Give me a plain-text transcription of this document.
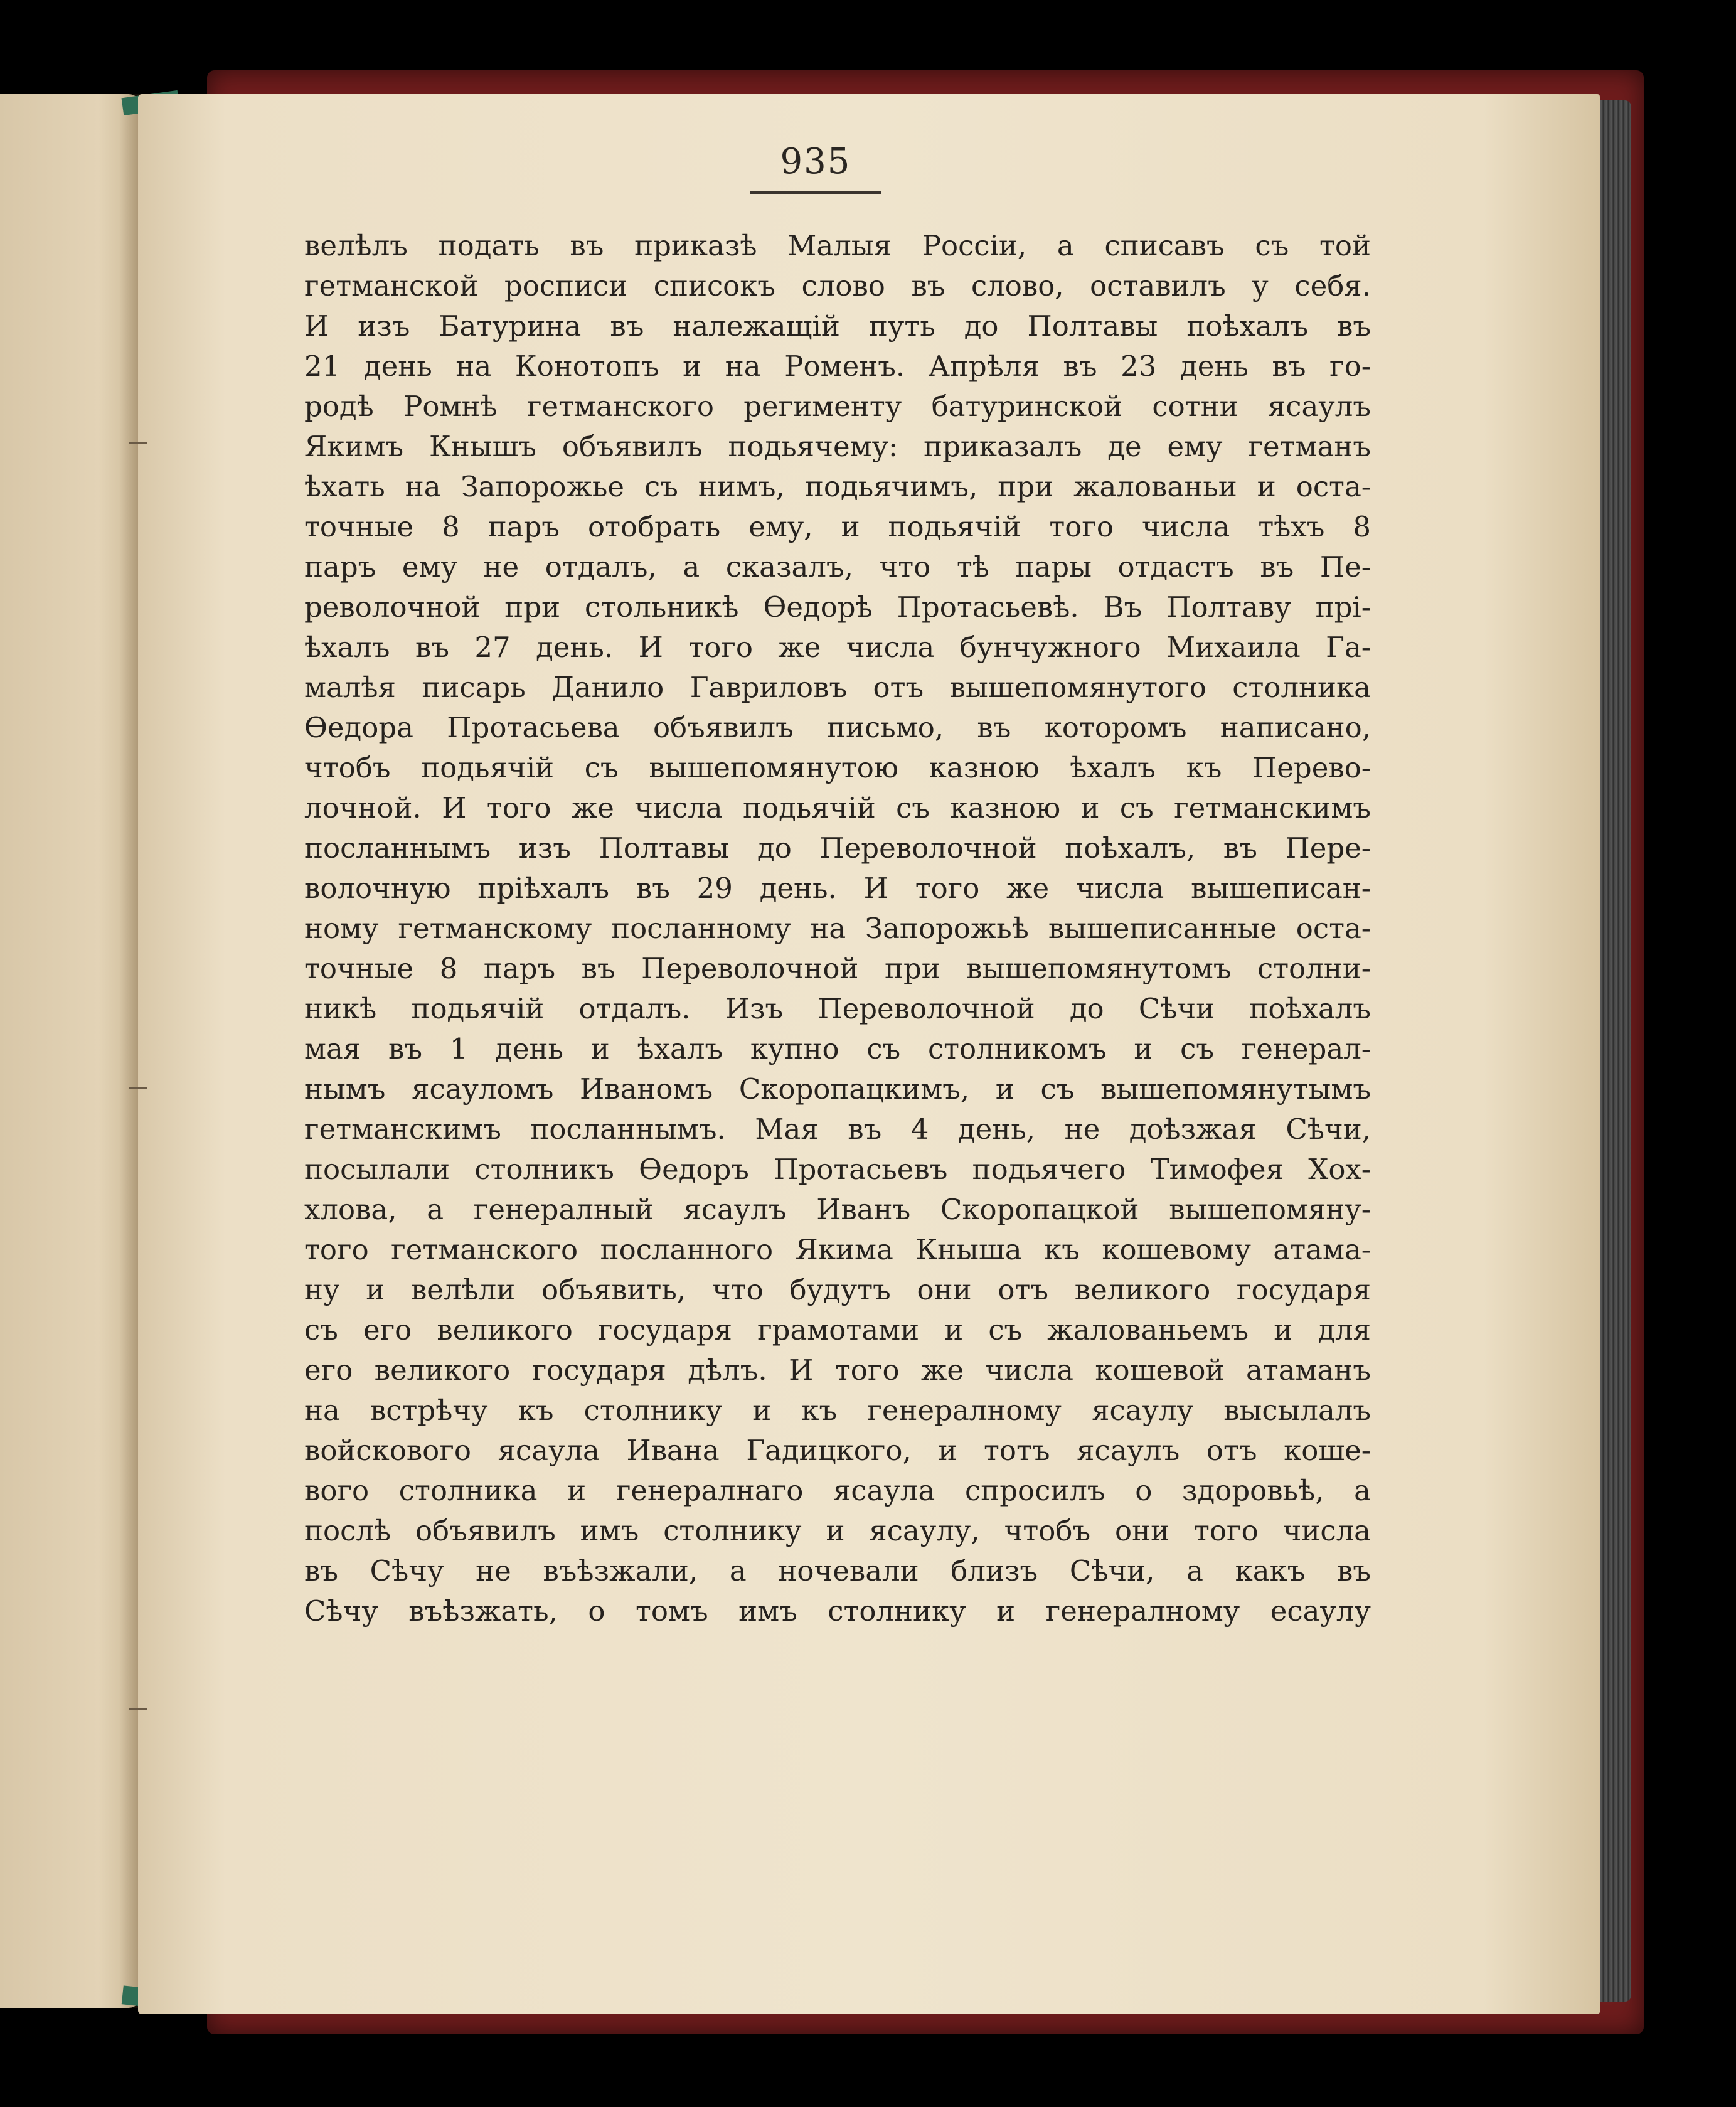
935
велѣлъ подать въ приказѣ Малыя Россіи, а списавъ съ той
гетманской росписи списокъ слово въ слово, оставилъ у себя.
И изъ Батурина въ належащій путь до Полтавы поѣхалъ въ
21 день на Конотопъ и на Роменъ. Апрѣля въ 23 день въ го-
родѣ Ромнѣ гетманского регименту батуринской сотни ясаулъ
Якимъ Кнышъ объявилъ подьячему: приказалъ де ему гетманъ
ѣхать на Запорожье съ нимъ, подьячимъ, при жалованьи и оста-
точные 8 паръ отобрать ему, и подьячій того числа тѣхъ 8
паръ ему не отдалъ, а сказалъ, что тѣ пары отдастъ въ Пе-
револочной при стольникѣ Ѳедорѣ Протасьевѣ. Въ Полтаву прі-
ѣхалъ въ 27 день. И того же числа бунчужного Михаила Га-
малѣя писарь Данило Гавриловъ отъ вышепомянутого столника
Ѳедора Протасьева объявилъ письмо, въ которомъ написано,
чтобъ подьячій съ вышепомянутою казною ѣхалъ къ Перево-
лочной. И того же числа подьячій съ казною и съ гетманскимъ
посланнымъ изъ Полтавы до Переволочной поѣхалъ, въ Пере-
волочную пріѣхалъ въ 29 день. И того же числа вышеписан-
ному гетманскому посланному на Запорожьѣ вышеписанные оста-
точные 8 паръ въ Переволочной при вышепомянутомъ столни-
никѣ подьячій отдалъ. Изъ Переволочной до Сѣчи поѣхалъ
мая въ 1 день и ѣхалъ купно съ столникомъ и съ генерал-
нымъ ясауломъ Иваномъ Скоропацкимъ, и съ вышепомянутымъ
гетманскимъ посланнымъ. Мая въ 4 день, не доѣзжая Сѣчи,
посылали столникъ Ѳедоръ Протасьевъ подьячего Тимофея Хох-
хлова, а генералный ясаулъ Иванъ Скоропацкой вышепомяну-
того гетманского посланного Якима Кныша къ кошевому атама-
ну и велѣли объявить, что будутъ они отъ великого государя
съ его великого государя грамотами и съ жалованьемъ и для
его великого государя дѣлъ. И того же числа кошевой атаманъ
на встрѣчу къ столнику и къ генералному ясаулу высылалъ
войскового ясаула Ивана Гадицкого, и тотъ ясаулъ отъ коше-
вого столника и генералнаго ясаула спросилъ о здоровьѣ, а
послѣ объявилъ имъ столнику и ясаулу, чтобъ они того числа
въ Сѣчу не въѣзжали, а ночевали близъ Сѣчи, а какъ въ
Сѣчу въѣзжать, о томъ имъ столнику и генералному есаулу
